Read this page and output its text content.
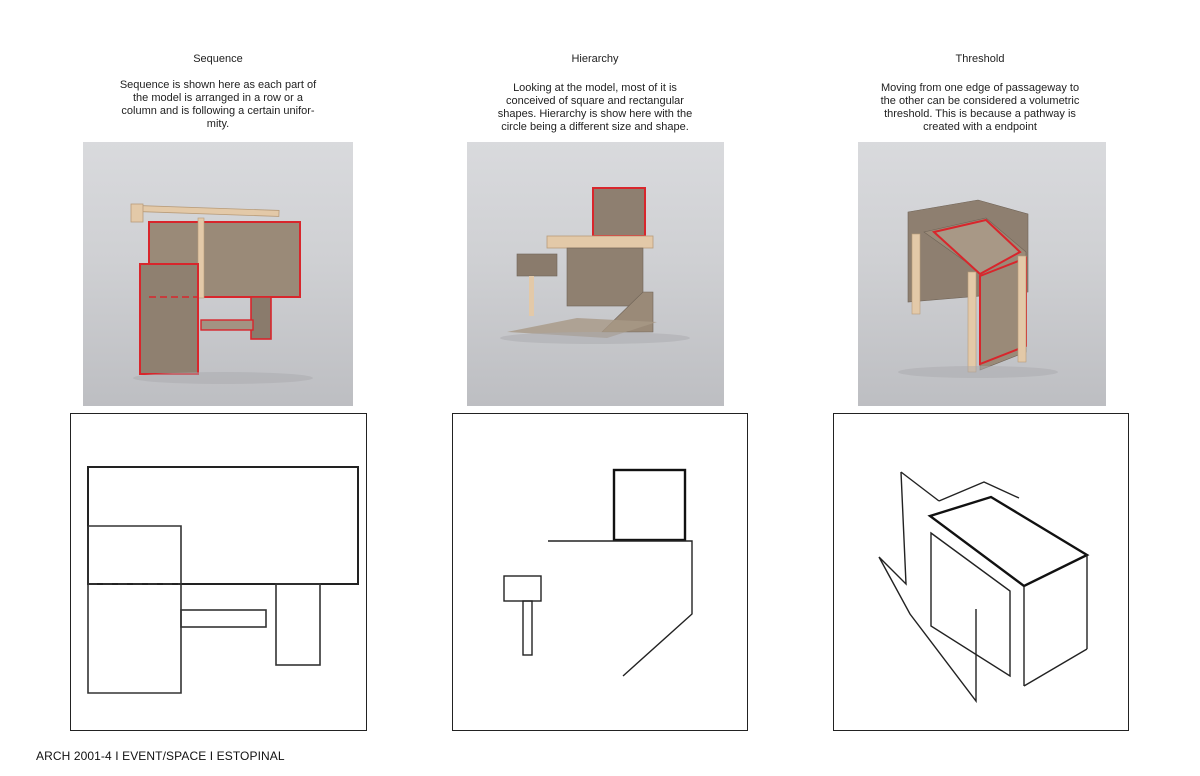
Sequence
Sequence is shown here as each part of the model is arranged in a row or a column and is following a certain unifor- mity.
Hierarchy
Looking at the model, most of it is conceived of square and rectangular shapes. Hierarchy is show here with the circle being a different size and shape.
Threshold
Moving from one edge of passageway to the other can be considered a volumetric threshold. This is because a pathway is created with a endpoint
ARCH 2001-4 I EVENT/SPACE I ESTOPINAL
